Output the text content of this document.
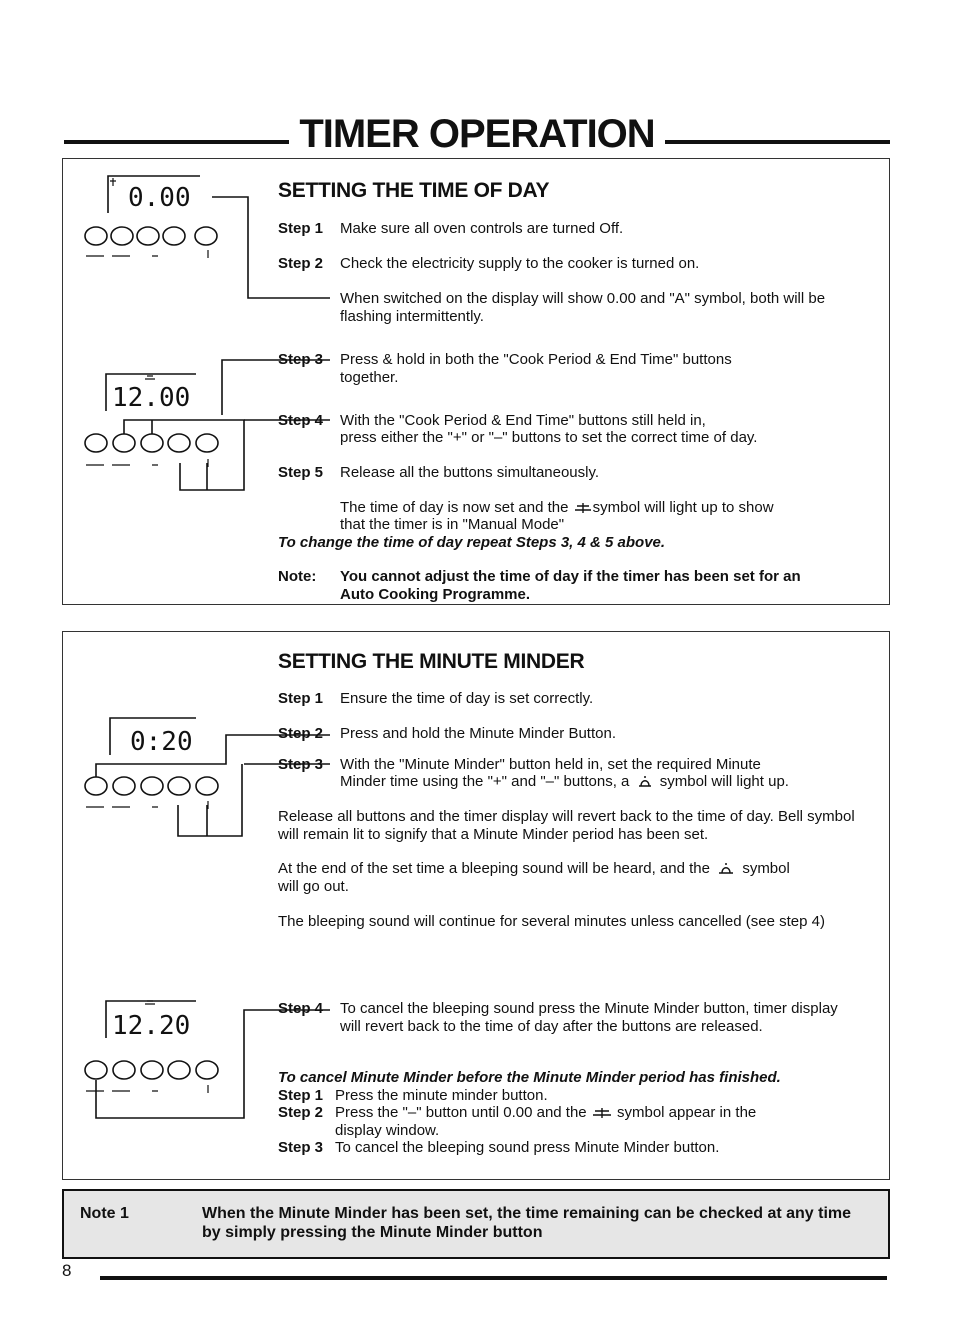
TIMER OPERATION
0.00
12.00
0:20
12.20
SETTING THE TIME OF DAY
Step 1 Make sure all oven controls are turned Off.
Step 2 Check the electricity supply to the cooker is turned on.
When switched on the display will show 0.00 and "A" symbol, both will be flashing intermittently.
Step 3 Press & hold in both the "Cook Period & End Time" buttons together.
Step 4 With the "Cook Period & End Time" buttons still held in,
press either the "+" or "–" buttons to set the correct time of day.
Step 5 Release all the buttons simultaneously.
The time of day is now set and the symbol will light up to show
that the timer is in "Manual Mode"
To change the time of day repeat Steps 3, 4 & 5 above.
Note: You cannot adjust the time of day if the timer has been set for an Auto Cooking Programme.
SETTING THE MINUTE MINDER
Step 1 Ensure the time of day is set correctly.
Step 2 Press and hold the Minute Minder Button.
Step 3 With the "Minute Minder" button held in, set the required Minute
Minder time using the "+" and "–" buttons, a symbol will light up.
Release all buttons and the timer display will revert back to the time of day. Bell symbol will remain lit to signify that a Minute Minder period has been set.
At the end of the set time a bleeping sound will be heard, and the symbol
will go out.
The bleeping sound will continue for several minutes unless cancelled (see step 4)
Step 4 To cancel the bleeping sound press the Minute Minder button, timer display will revert back to the time of day after the buttons are released.
To cancel Minute Minder before the Minute Minder period has finished.
Step 1 Press the minute minder button.
Step 2 Press the "–" button until 0.00 and the symbol appear in the
display window.
Step 3 To cancel the bleeping sound press Minute Minder button.
Note 1	When the Minute Minder has been set, the time remaining can be checked at any time by simply pressing the Minute Minder button
8
